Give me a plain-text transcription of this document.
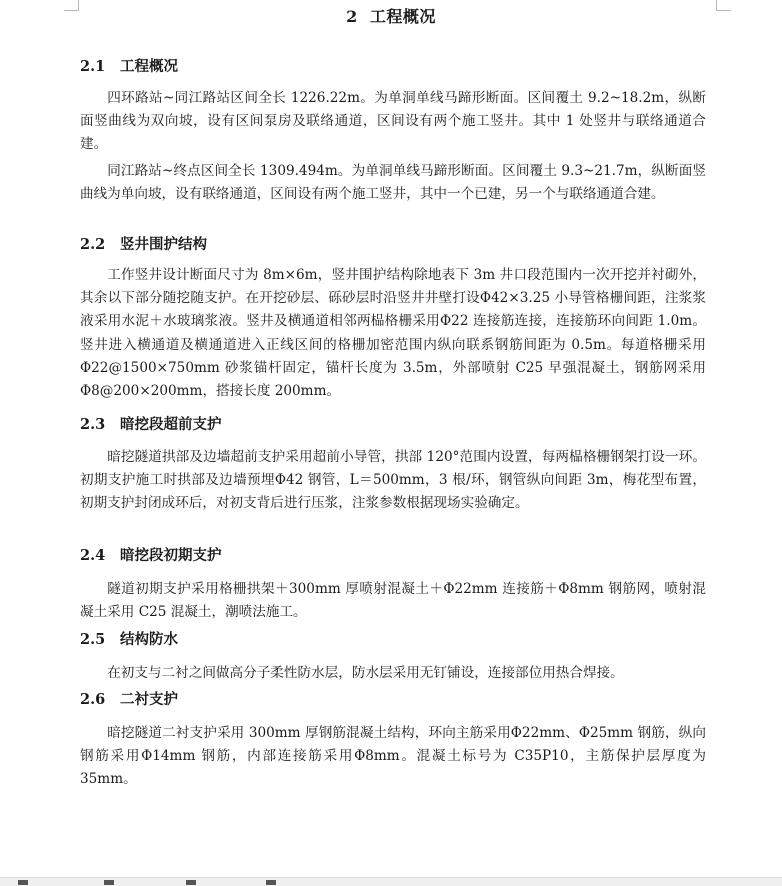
2 工程概况
2.1 工程概况

四环路站~同江路站区间全长 1226.22m。为单洞单线马蹄形断面。区间覆土 9.2~18.2m，纵断面竖曲线为双向坡，设有区间泵房及联络通道，区间设有两个施工竖井。其中 1 处竖井与联络通道合建。

同江路站~终点区间全长 1309.494m。为单洞单线马蹄形断面。区间覆土 9.3~21.7m，纵断面竖曲线为单向坡，设有联络通道，区间设有两个施工竖井，其中一个已建，另一个与联络通道合建。

2.2 竖井围护结构

工作竖井设计断面尺寸为 8m×6m，竖井围护结构除地表下 3m 井口段范围内一次开挖并衬砌外，其余以下部分随挖随支护。在开挖砂层、砾砂层时沿竖井井壁打设Φ42×3.25 小导管格栅间距，注浆浆液采用水泥＋水玻璃浆液。竖井及横通道相邻两榀格栅采用Φ22 连接筋连接，连接筋环向间距 1.0m。竖井进入横通道及横通道进入正线区间的格栅加密范围内纵向联系钢筋间距为 0.5m。每道格栅采用Φ22@1500×750mm 砂浆锚杆固定，锚杆长度为 3.5m，外部喷射 C25 早强混凝土，钢筋网采用Φ8@200×200mm，搭接长度 200mm。

2.3 暗挖段超前支护

暗挖隧道拱部及边墙超前支护采用超前小导管，拱部 120°范围内设置，每两榀格栅钢架打设一环。初期支护施工时拱部及边墙预埋Φ42 钢管，L＝500mm，3 根/环，钢管纵向间距 3m，梅花型布置，初期支护封闭成环后，对初支背后进行压浆，注浆参数根据现场实验确定。

2.4 暗挖段初期支护

隧道初期支护采用格栅拱架＋300mm 厚喷射混凝土＋Φ22mm 连接筋＋Φ8mm 钢筋网，喷射混凝土采用 C25 混凝土，潮喷法施工。

2.5 结构防水

在初支与二衬之间做高分子柔性防水层，防水层采用无钉铺设，连接部位用热合焊接。

2.6 二衬支护

暗挖隧道二衬支护采用 300mm 厚钢筋混凝土结构，环向主筋采用Φ22mm、Φ25mm 钢筋，纵向钢筋采用Φ14mm 钢筋，内部连接筋采用Φ8mm。混凝土标号为 C35P10，主筋保护层厚度为 35mm。
